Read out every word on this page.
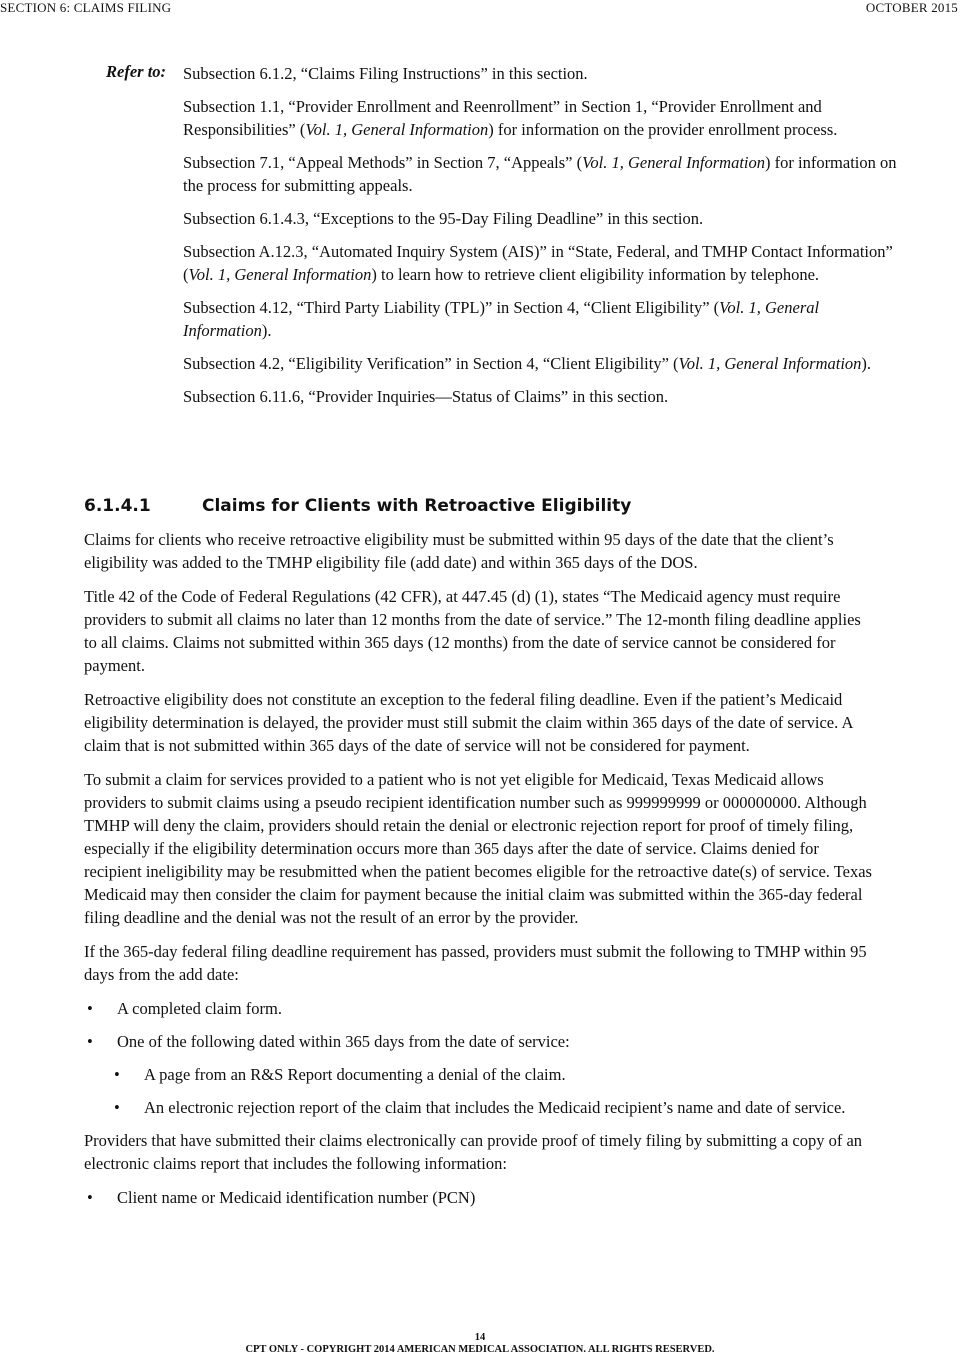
SECTION 6: CLAIMS FILING	OCTOBER 2015
Refer to: Subsection 6.1.2, “Claims Filing Instructions” in this section.

Subsection 1.1, “Provider Enrollment and Reenrollment” in Section 1, “Provider Enrollment and Responsibilities” (Vol. 1, General Information) for information on the provider enrollment process.

Subsection 7.1, “Appeal Methods” in Section 7, “Appeals” (Vol. 1, General Information) for information on the process for submitting appeals.

Subsection 6.1.4.3, “Exceptions to the 95-Day Filing Deadline” in this section.

Subsection A.12.3, “Automated Inquiry System (AIS)” in “State, Federal, and TMHP Contact Information” (Vol. 1, General Information) to learn how to retrieve client eligibility information by telephone.

Subsection 4.12, “Third Party Liability (TPL)” in Section 4, “Client Eligibility” (Vol. 1, General Information).

Subsection 4.2, “Eligibility Verification” in Section 4, “Client Eligibility” (Vol. 1, General Information).

Subsection 6.11.6, “Provider Inquiries—Status of Claims” in this section.

6.1.4.1	Claims for Clients with Retroactive Eligibility

Claims for clients who receive retroactive eligibility must be submitted within 95 days of the date that the client’s eligibility was added to the TMHP eligibility file (add date) and within 365 days of the DOS.

Title 42 of the Code of Federal Regulations (42 CFR), at 447.45 (d) (1), states “The Medicaid agency must require providers to submit all claims no later than 12 months from the date of service.” The 12-month filing deadline applies to all claims. Claims not submitted within 365 days (12 months) from the date of service cannot be considered for payment.

Retroactive eligibility does not constitute an exception to the federal filing deadline. Even if the patient’s Medicaid eligibility determination is delayed, the provider must still submit the claim within 365 days of the date of service. A claim that is not submitted within 365 days of the date of service will not be considered for payment.

To submit a claim for services provided to a patient who is not yet eligible for Medicaid, Texas Medicaid allows providers to submit claims using a pseudo recipient identification number such as 999999999 or 000000000. Although TMHP will deny the claim, providers should retain the denial or electronic rejection report for proof of timely filing, especially if the eligibility determination occurs more than 365 days after the date of service. Claims denied for recipient ineligibility may be resubmitted when the patient becomes eligible for the retroactive date(s) of service. Texas Medicaid may then consider the claim for payment because the initial claim was submitted within the 365-day federal filing deadline and the denial was not the result of an error by the provider.

If the 365-day federal filing deadline requirement has passed, providers must submit the following to TMHP within 95 days from the add date:

• A completed claim form.
• One of the following dated within 365 days from the date of service:
• A page from an R&S Report documenting a denial of the claim.
• An electronic rejection report of the claim that includes the Medicaid recipient’s name and date of service.

Providers that have submitted their claims electronically can provide proof of timely filing by submitting a copy of an electronic claims report that includes the following information:

• Client name or Medicaid identification number (PCN)
14
CPT ONLY - COPYRIGHT 2014 AMERICAN MEDICAL ASSOCIATION. ALL RIGHTS RESERVED.
